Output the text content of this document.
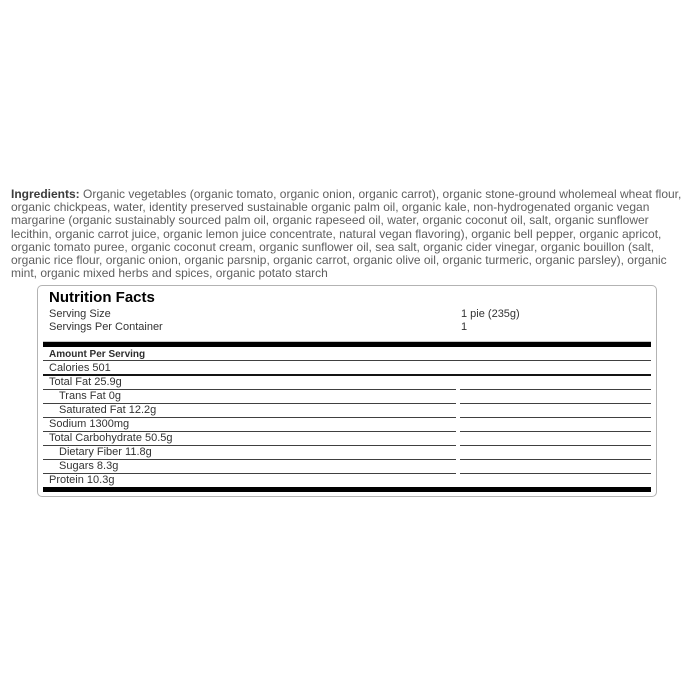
Ingredients: Organic vegetables (organic tomato, organic onion, organic carrot), organic stone-ground wholemeal wheat flour, organic chickpeas, water, identity preserved sustainable organic palm oil, organic kale, non-hydrogenated organic vegan margarine (organic sustainably sourced palm oil, organic rapeseed oil, water, organic coconut oil, salt, organic sunflower lecithin, organic carrot juice, organic lemon juice concentrate, natural vegan flavoring), organic bell pepper, organic apricot, organic tomato puree, organic coconut cream, organic sunflower oil, sea salt, organic cider vinegar, organic bouillon (salt, organic rice flour, organic onion, organic parsnip, organic carrot, organic olive oil, organic turmeric, organic parsley), organic mint, organic mixed herbs and spices, organic potato starch

Nutrition Facts
Serving Size	1 pie (235g)
Servings Per Container	1
Amount Per Serving
Calories 501
Total Fat 25.9g
Trans Fat 0g
Saturated Fat 12.2g
Sodium 1300mg
Total Carbohydrate 50.5g
Dietary Fiber 11.8g
Sugars 8.3g
Protein 10.3g
